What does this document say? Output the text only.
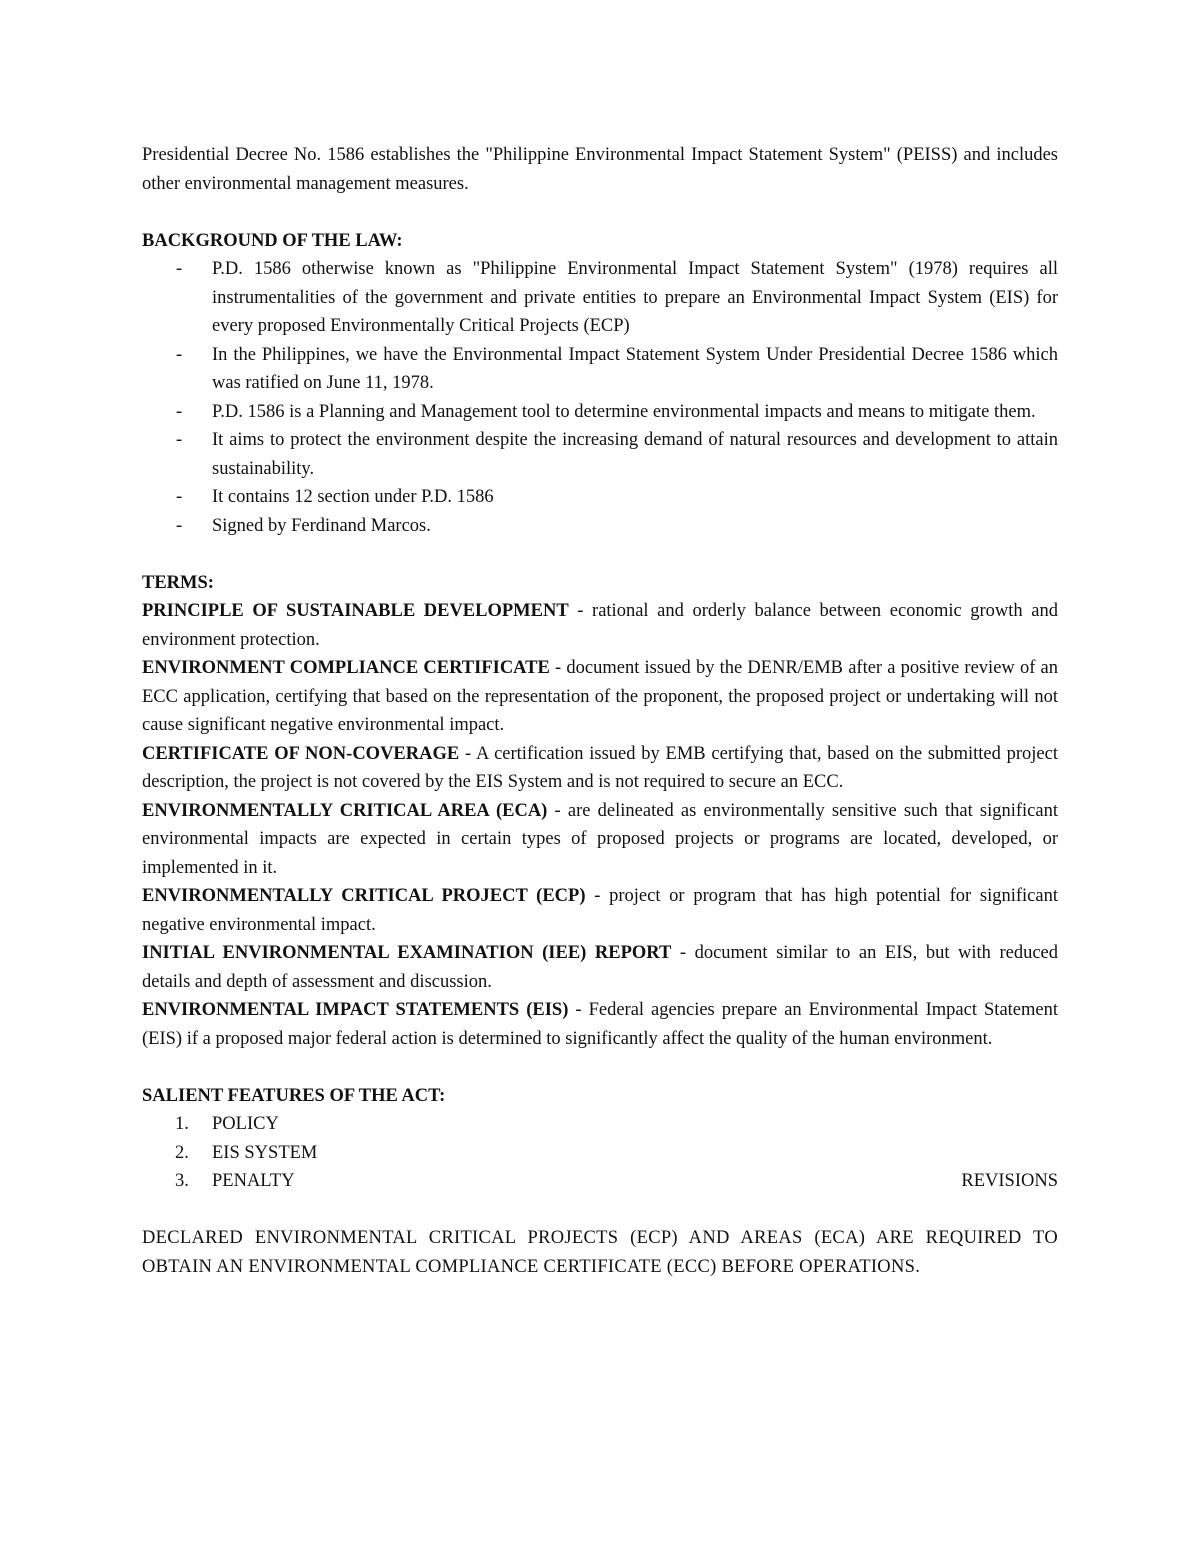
Presidential Decree No. 1586 establishes the "Philippine Environmental Impact Statement System" (PEISS) and includes other environmental management measures.

BACKGROUND OF THE LAW:

- P.D. 1586 otherwise known as "Philippine Environmental Impact Statement System" (1978) requires all instrumentalities of the government and private entities to prepare an Environmental Impact System (EIS) for every proposed Environmentally Critical Projects (ECP)
- In the Philippines, we have the Environmental Impact Statement System Under Presidential Decree 1586 which was ratified on June 11, 1978.
- P.D. 1586 is a Planning and Management tool to determine environmental impacts and means to mitigate them.
- It aims to protect the environment despite the increasing demand of natural resources and development to attain sustainability.
- It contains 12 section under P.D. 1586
- Signed by Ferdinand Marcos.

TERMS:

PRINCIPLE OF SUSTAINABLE DEVELOPMENT - rational and orderly balance between economic growth and environment protection.

ENVIRONMENT COMPLIANCE CERTIFICATE - document issued by the DENR/EMB after a positive review of an ECC application, certifying that based on the representation of the proponent, the proposed project or undertaking will not cause significant negative environmental impact.

CERTIFICATE OF NON-COVERAGE - A certification issued by EMB certifying that, based on the submitted project description, the project is not covered by the EIS System and is not required to secure an ECC.

ENVIRONMENTALLY CRITICAL AREA (ECA) - are delineated as environmentally sensitive such that significant environmental impacts are expected in certain types of proposed projects or programs are located, developed, or implemented in it.

ENVIRONMENTALLY CRITICAL PROJECT (ECP) - project or program that has high potential for significant negative environmental impact.

INITIAL ENVIRONMENTAL EXAMINATION (IEE) REPORT - document similar to an EIS, but with reduced details and depth of assessment and discussion.

ENVIRONMENTAL IMPACT STATEMENTS (EIS) - Federal agencies prepare an Environmental Impact Statement (EIS) if a proposed major federal action is determined to significantly affect the quality of the human environment.

SALIENT FEATURES OF THE ACT:

1. POLICY
2. EIS SYSTEM
3. PENALTY	REVISIONS

DECLARED ENVIRONMENTAL CRITICAL PROJECTS (ECP) AND AREAS (ECA) ARE REQUIRED TO OBTAIN AN ENVIRONMENTAL COMPLIANCE CERTIFICATE (ECC) BEFORE OPERATIONS.
